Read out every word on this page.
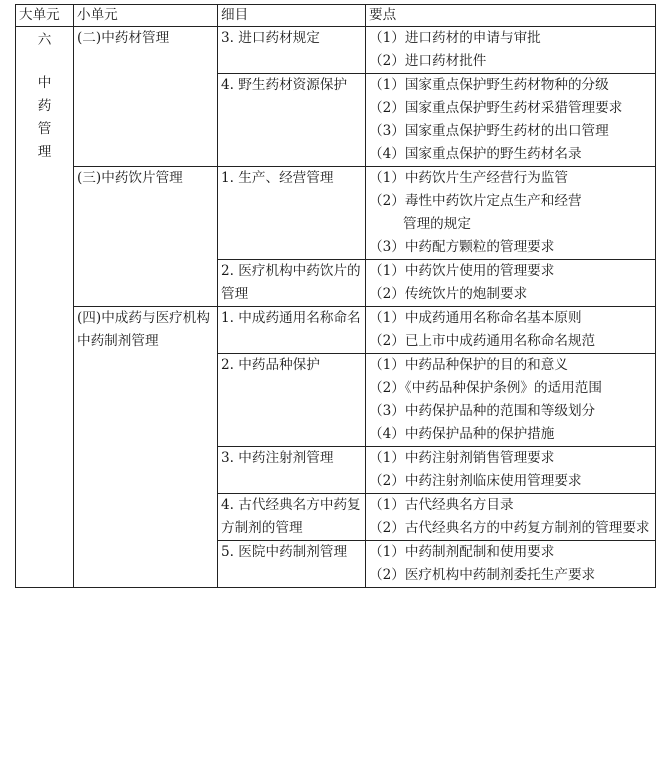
大单元	小单元	细目	要点

六
中
药
管
理	(二)中药材管理	3. 进口药材规定	（1）进口药材的申请与审批
（2）进口药材批件

		4. 野生药材资源保护	（1）国家重点保护野生药材物种的分级
（2）国家重点保护野生药材采猎管理要求
（3）国家重点保护野生药材的出口管理
（4）国家重点保护的野生药材名录

	(三)中药饮片管理	1. 生产、经营管理	（1）中药饮片生产经营行为监管
（2）毒性中药饮片定点生产和经营
管理的规定
（3）中药配方颗粒的管理要求

		2. 医疗机构中药饮片的管理	（1）中药饮片使用的管理要求
（2）传统饮片的炮制要求

	(四)中成药与医疗机构中药制剂管理	1. 中成药通用名称命名	（1）中成药通用名称命名基本原则
（2）已上市中成药通用名称命名规范

		2. 中药品种保护	（1）中药品种保护的目的和意义
（2）《中药品种保护条例》的适用范围
（3）中药保护品种的范围和等级划分
（4）中药保护品种的保护措施

		3. 中药注射剂管理	（1）中药注射剂销售管理要求
（2）中药注射剂临床使用管理要求

		4. 古代经典名方中药复方制剂的管理	（1）古代经典名方目录
（2）古代经典名方的中药复方制剂的管理要求

		5. 医院中药制剂管理	（1）中药制剂配制和使用要求
（2）医疗机构中药制剂委托生产要求
